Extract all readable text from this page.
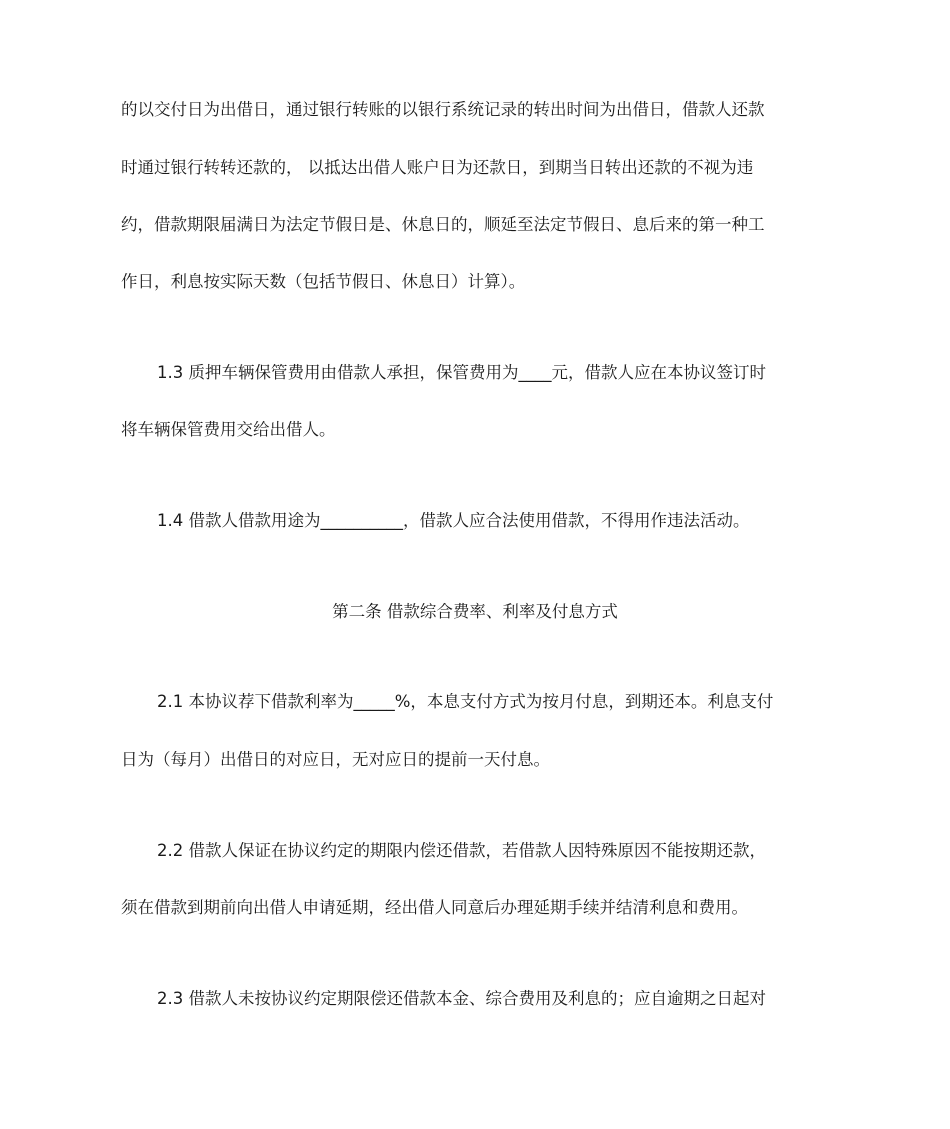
的以交付日为出借日，通过银行转账的以银行系统记录的转出时间为出借日，借款人还款
时通过银行转转还款的， 以抵达出借人账户日为还款日，到期当日转出还款的不视为违
约，借款期限届满日为法定节假日是、休息日的，顺延至法定节假日、息后来的第一种工
作日，利息按实际天数（包括节假日、休息日）计算）。
1.3 质押车辆保管费用由借款人承担，保管费用为____元，借款人应在本协议签订时
将车辆保管费用交给出借人。
1.4 借款人借款用途为__________，借款人应合法使用借款，不得用作违法活动。
第二条 借款综合费率、利率及付息方式
2.1 本协议荐下借款利率为_____%，本息支付方式为按月付息，到期还本。利息支付
日为（每月）出借日的对应日，无对应日的提前一天付息。
2.2 借款人保证在协议约定的期限内偿还借款，若借款人因特殊原因不能按期还款，
须在借款到期前向出借人申请延期，经出借人同意后办理延期手续并结清利息和费用。
2.3 借款人未按协议约定期限偿还借款本金、综合费用及利息的；应自逾期之日起对
